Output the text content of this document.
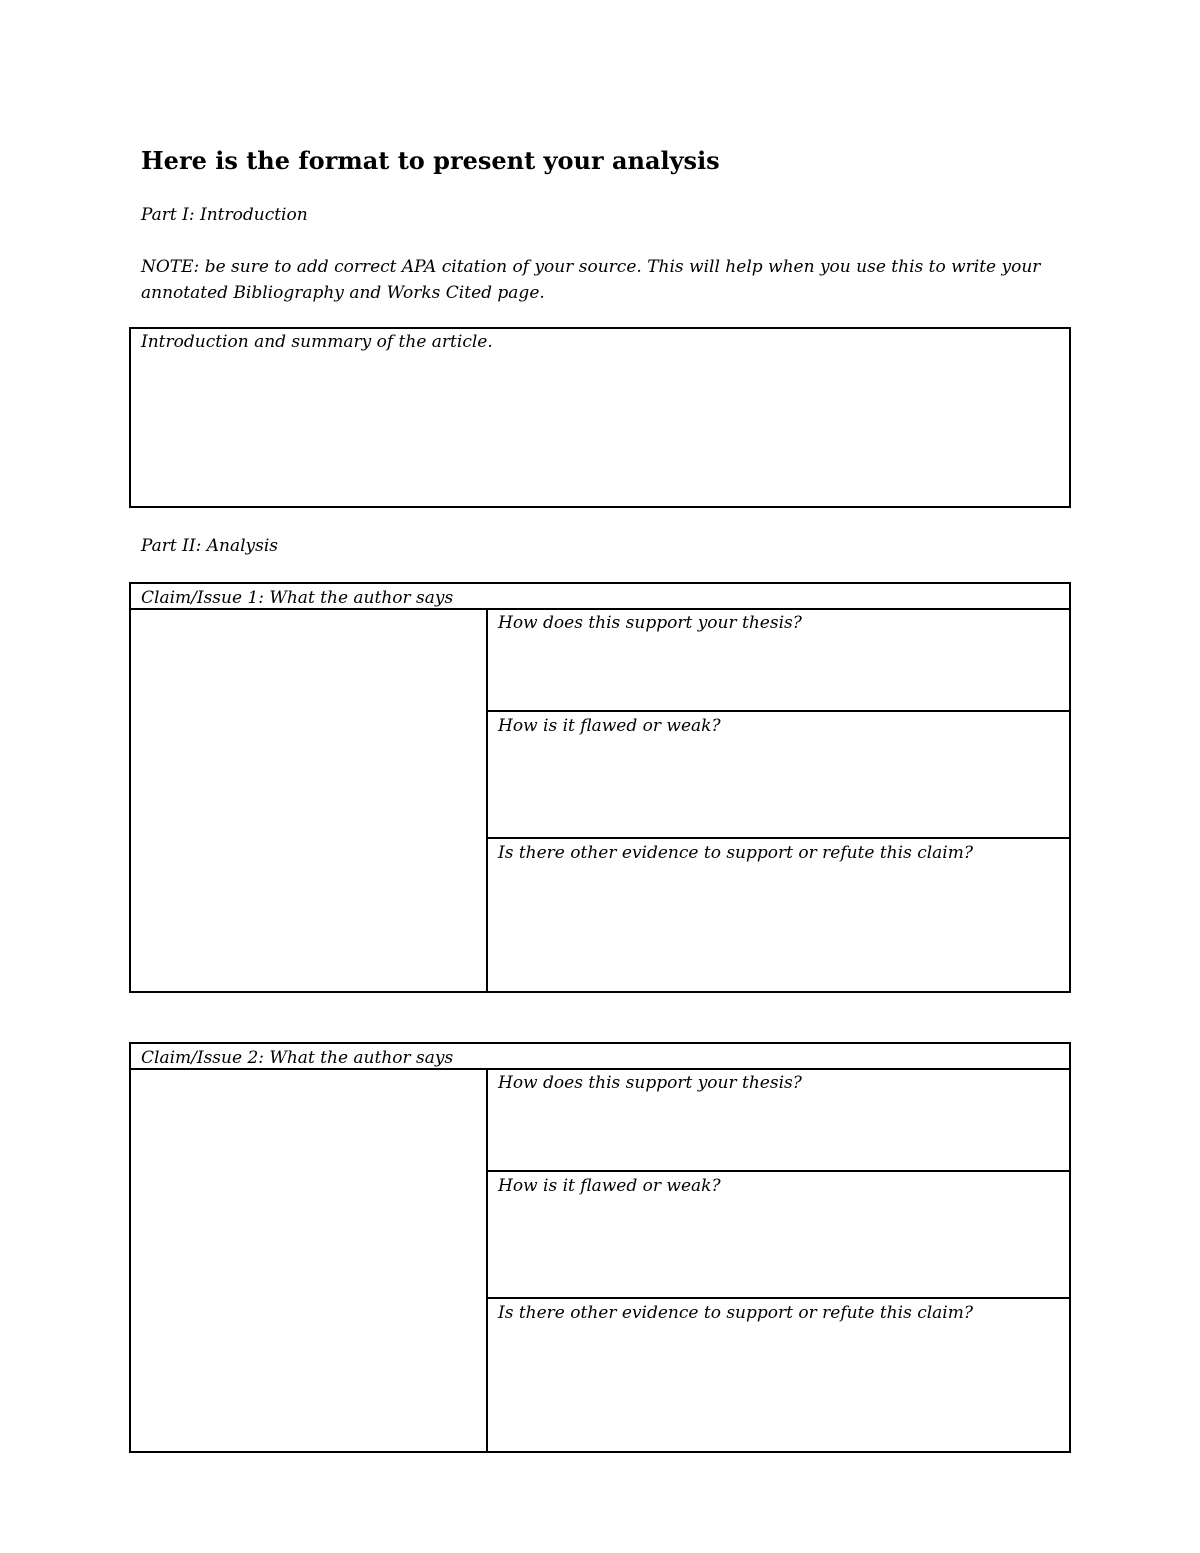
Here is the format to present your analysis
Part I: Introduction
NOTE: be sure to add correct APA citation of your source. This will help when you use this to write your
annotated Bibliography and Works Cited page.
Introduction and summary of the article.
Part II: Analysis
Claim/Issue 1: What the author says
How does this support your thesis?
How is it flawed or weak?
Is there other evidence to support or refute this claim?
Claim/Issue 2: What the author says
How does this support your thesis?
How is it flawed or weak?
Is there other evidence to support or refute this claim?
